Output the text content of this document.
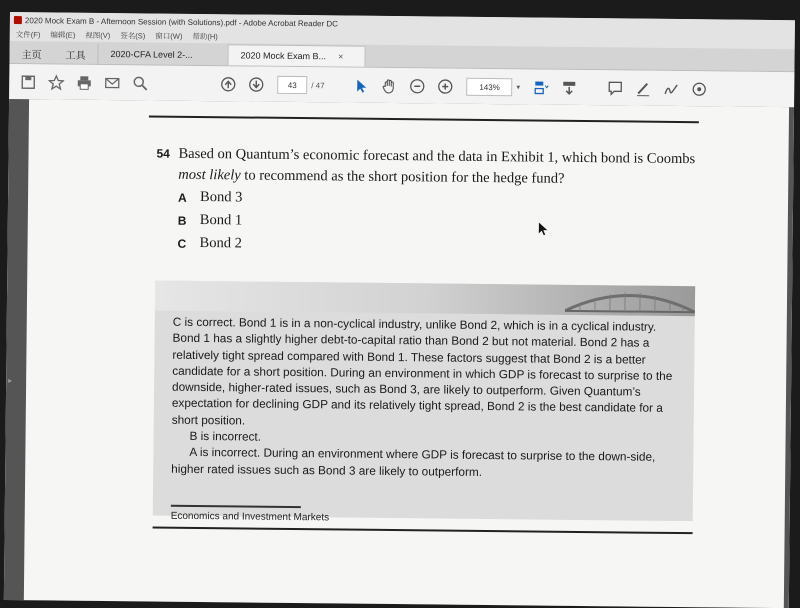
2020 Mock Exam B - Afternoon Session (with Solutions).pdf - Adobe Acrobat Reader DC
文件(F) 编辑(E) 视图(V) 签名(S) 窗口(W) 帮助(H)
主页	工具	2020-CFA Level 2-...	2020 Mock Exam B... ×
43	/ 47	143%	▾
▸
54 Based on Quantum’s economic forecast and the data in Exhibit 1, which bond is Coombs most likely to recommend as the short position for the hedge fund?
A Bond 3
B Bond 1
C Bond 2
C is correct. Bond 1 is in a non-cyclical industry, unlike Bond 2, which is in a cyclical industry. Bond 1 has a slightly higher debt-to-capital ratio than Bond 2 but not material. Bond 2 has a relatively tight spread compared with Bond 1. These factors suggest that Bond 2 is a better candidate for a short position. During an environment in which GDP is forecast to surprise to the downside, higher-rated issues, such as Bond 3, are likely to outperform. Given Quantum’s expectation for declining GDP and its relatively tight spread, Bond 2 is the best candidate for a short position.
B is incorrect.
A is incorrect. During an environment where GDP is forecast to surprise to the down-side, higher rated issues such as Bond 3 are likely to outperform.
Economics and Investment Markets
